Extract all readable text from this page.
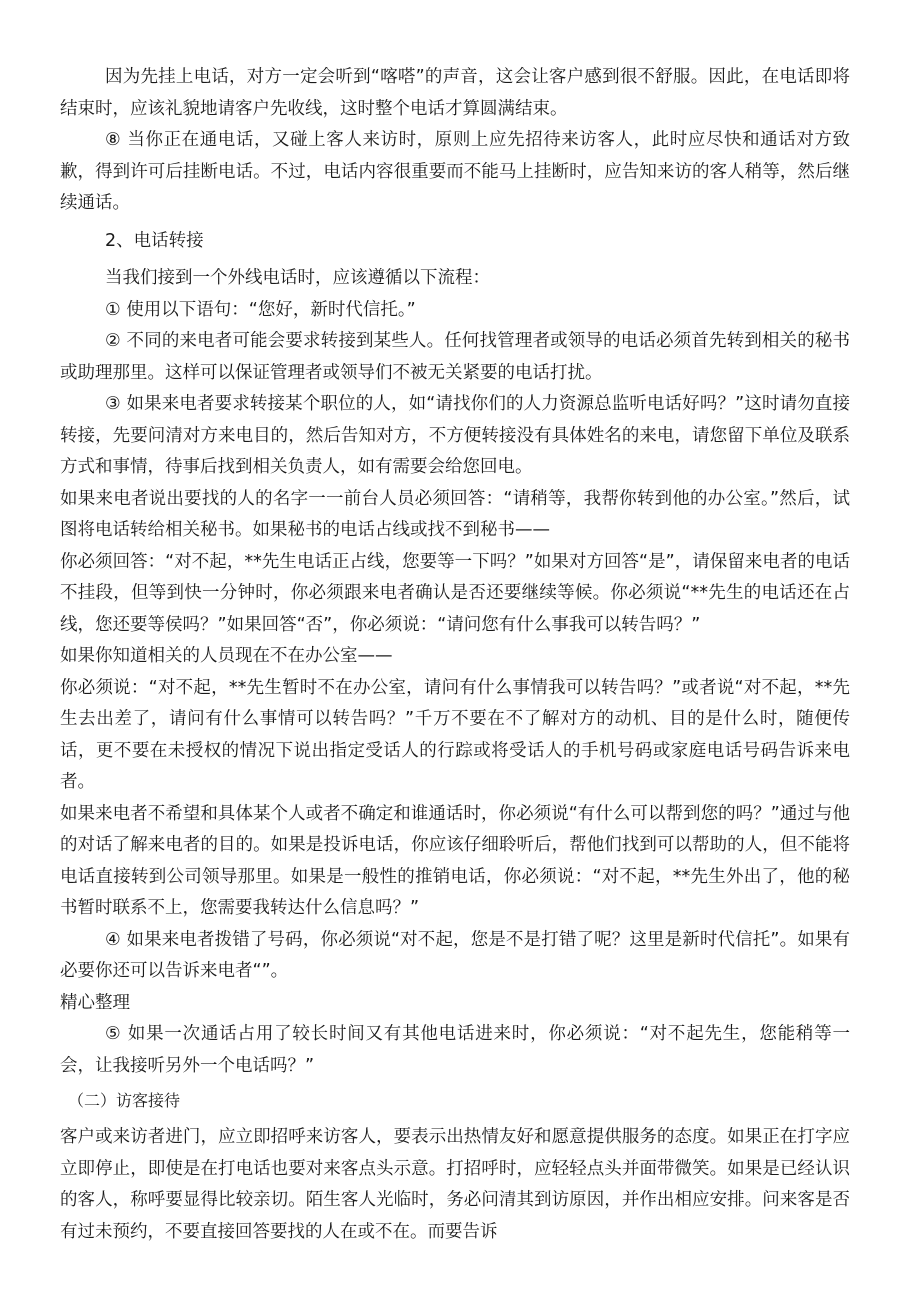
因为先挂上电话，对方一定会听到“喀嗒”的声音，这会让客户感到很不舒服。因此，在电话即将结束时，应该礼貌地请客户先收线，这时整个电话才算圆满结束。

⑧ 当你正在通电话，又碰上客人来访时，原则上应先招待来访客人，此时应尽快和通话对方致歉，得到许可后挂断电话。不过，电话内容很重要而不能马上挂断时，应告知来访的客人稍等，然后继续通话。

2、电话转接

当我们接到一个外线电话时，应该遵循以下流程：

① 使用以下语句：“您好，新时代信托。”

② 不同的来电者可能会要求转接到某些人。任何找管理者或领导的电话必须首先转到相关的秘书或助理那里。这样可以保证管理者或领导们不被无关紧要的电话打扰。

③ 如果来电者要求转接某个职位的人，如“请找你们的人力资源总监听电话好吗？”这时请勿直接转接，先要问清对方来电目的，然后告知对方，不方便转接没有具体姓名的来电，请您留下单位及联系方式和事情，待事后找到相关负责人，如有需要会给您回电。

如果来电者说出要找的人的名字一一前台人员必须回答：“请稍等，我帮你转到他的办公室。”然后，试图将电话转给相关秘书。如果秘书的电话占线或找不到秘书——

你必须回答：“对不起，**先生电话正占线，您要等一下吗？”如果对方回答“是”，请保留来电者的电话不挂段，但等到快一分钟时，你必须跟来电者确认是否还要继续等候。你必须说“**先生的电话还在占线，您还要等侯吗？”如果回答“否”，你必须说：“请问您有什么事我可以转告吗？”

如果你知道相关的人员现在不在办公室——

你必须说：“对不起，**先生暂时不在办公室，请问有什么事情我可以转告吗？”或者说“对不起，**先生去出差了，请问有什么事情可以转告吗？”千万不要在不了解对方的动机、目的是什么时，随便传话，更不要在未授权的情况下说出指定受话人的行踪或将受话人的手机号码或家庭电话号码告诉来电者。

如果来电者不希望和具体某个人或者不确定和谁通话时，你必须说“有什么可以帮到您的吗？”通过与他的对话了解来电者的目的。如果是投诉电话，你应该仔细聆听后，帮他们找到可以帮助的人，但不能将电话直接转到公司领导那里。如果是一般性的推销电话，你必须说：“对不起，**先生外出了，他的秘书暂时联系不上，您需要我转达什么信息吗？”

④ 如果来电者拨错了号码，你必须说“对不起，您是不是打错了呢？这里是新时代信托”。如果有必要你还可以告诉来电者“”。

精心整理

⑤ 如果一次通话占用了较长时间又有其他电话进来时，你必须说：“对不起先生，您能稍等一会，让我接听另外一个电话吗？”

（二）访客接待

客户或来访者进门，应立即招呼来访客人，要表示出热情友好和愿意提供服务的态度。如果正在打字应立即停止，即使是在打电话也要对来客点头示意。打招呼时，应轻轻点头并面带微笑。如果是已经认识的客人，称呼要显得比较亲切。陌生客人光临时，务必问清其到访原因，并作出相应安排。问来客是否有过未预约，不要直接回答要找的人在或不在。而要告诉
